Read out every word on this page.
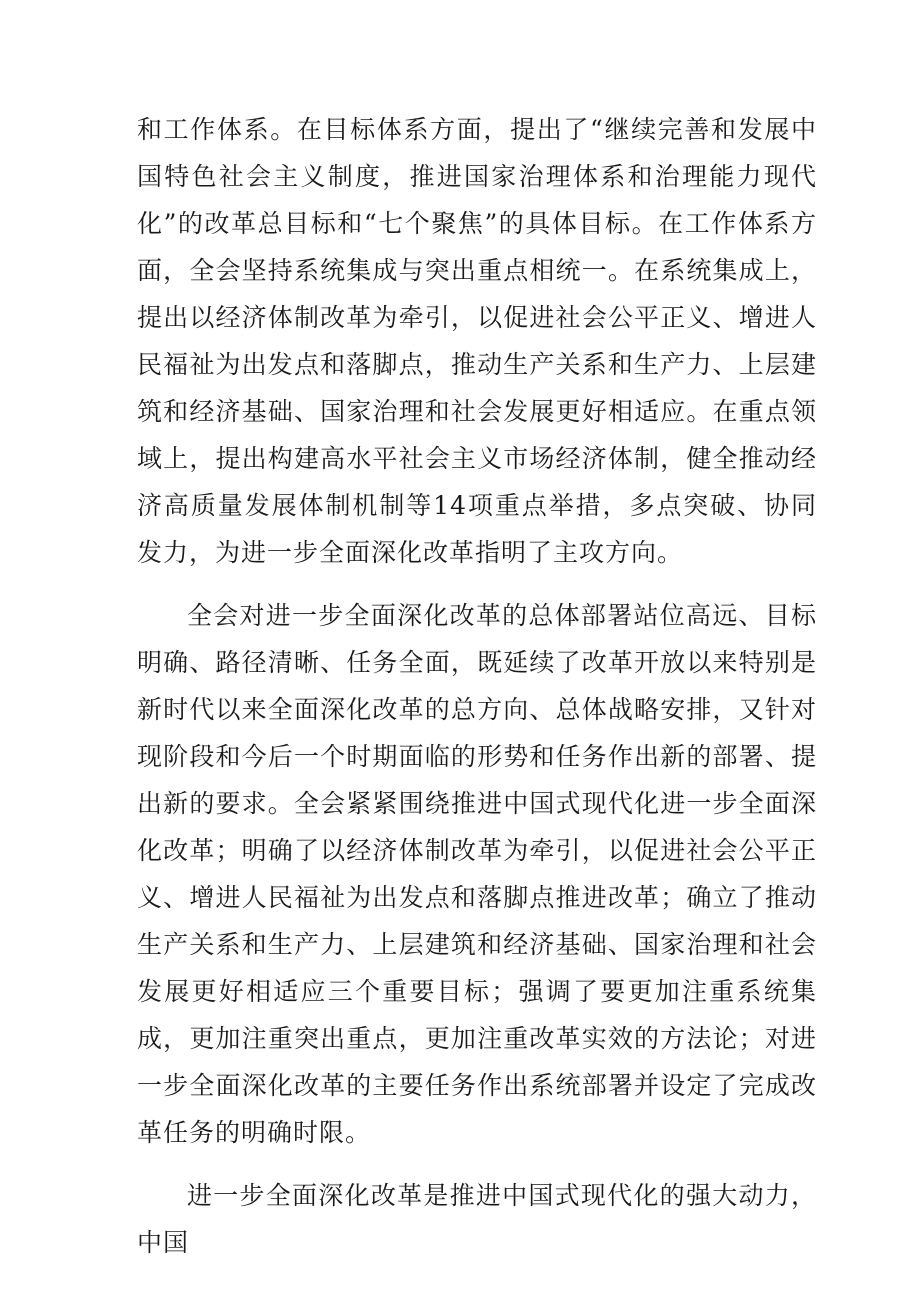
和工作体系。在目标体系方面，提出了“继续完善和发展中国特色社会主义制度，推进国家治理体系和治理能力现代化”的改革总目标和“七个聚焦”的具体目标。在工作体系方面，全会坚持系统集成与突出重点相统一。在系统集成上，提出以经济体制改革为牵引，以促进社会公平正义、增进人民福祉为出发点和落脚点，推动生产关系和生产力、上层建筑和经济基础、国家治理和社会发展更好相适应。在重点领域上，提出构建高水平社会主义市场经济体制，健全推动经济高质量发展体制机制等14项重点举措，多点突破、协同发力，为进一步全面深化改革指明了主攻方向。

全会对进一步全面深化改革的总体部署站位高远、目标明确、路径清晰、任务全面，既延续了改革开放以来特别是新时代以来全面深化改革的总方向、总体战略安排，又针对现阶段和今后一个时期面临的形势和任务作出新的部署、提出新的要求。全会紧紧围绕推进中国式现代化进一步全面深化改革；明确了以经济体制改革为牵引，以促进社会公平正义、增进人民福祉为出发点和落脚点推进改革；确立了推动生产关系和生产力、上层建筑和经济基础、国家治理和社会发展更好相适应三个重要目标；强调了要更加注重系统集成，更加注重突出重点，更加注重改革实效的方法论；对进一步全面深化改革的主要任务作出系统部署并设定了完成改革任务的明确时限。

进一步全面深化改革是推进中国式现代化的强大动力，中国
